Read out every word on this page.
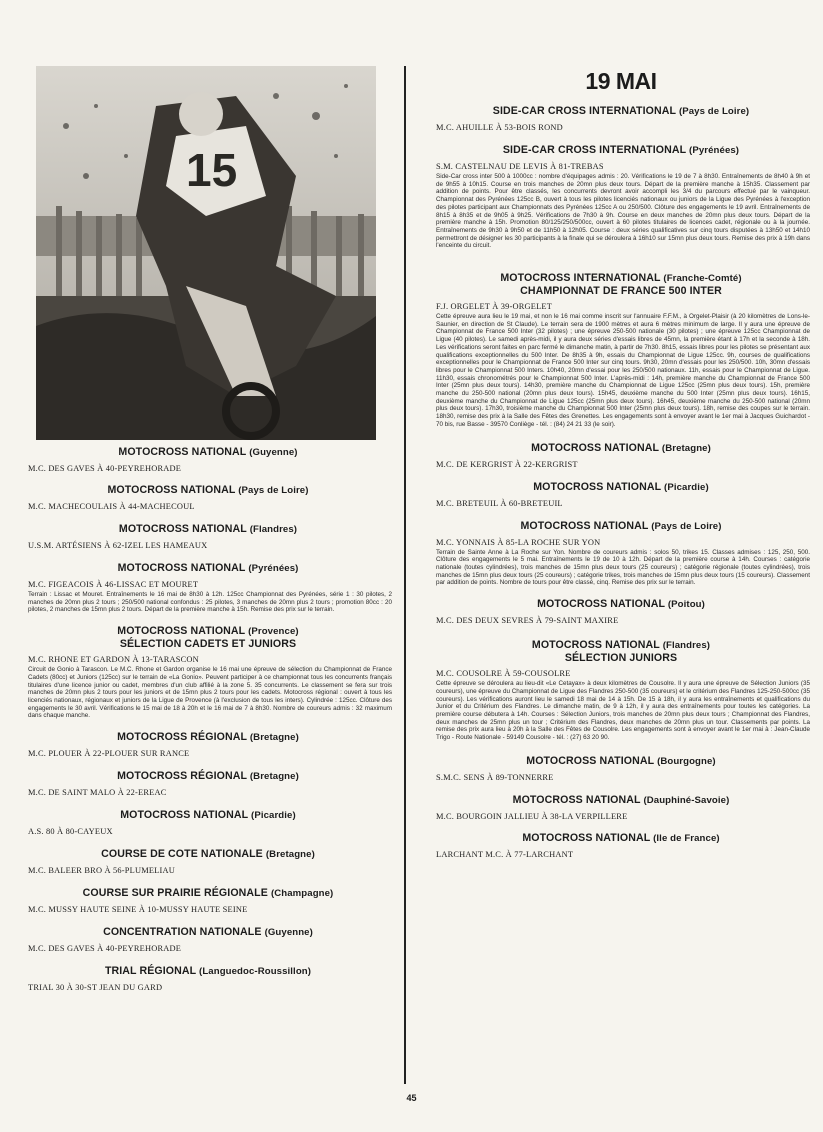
15

MOTOCROSS NATIONAL (Guyenne)

M.C. DES GAVES À 40-PEYREHORADE

MOTOCROSS NATIONAL (Pays de Loire)

M.C. MACHECOULAIS À 44-MACHECOUL

MOTOCROSS NATIONAL (Flandres)

U.S.M. ARTÉSIENS À 62-IZEL LES HAMEAUX

MOTOCROSS NATIONAL (Pyrénées)

M.C. FIGEACOIS À 46-LISSAC ET MOURET

Terrain : Lissac et Mouret. Entraînements le 16 mai de 8h30 à 12h. 125cc Championnat des Pyrénées, série 1 : 30 pilotes, 2 manches de 20mn plus 2 tours ; 250/500 national confondus : 25 pilotes, 3 manches de 20mn plus 2 tours ; promotion 80cc : 20 pilotes, 2 manches de 15mn plus 2 tours. Départ de la première manche à 15h. Remise des prix sur le terrain.

MOTOCROSS NATIONAL (Provence)

SÉLECTION CADETS ET JUNIORS

M.C. RHONE ET GARDON À 13-TARASCON

Circuit de Gonio à Tarascon. Le M.C. Rhone et Gardon organise le 16 mai une épreuve de sélection du Championnat de France Cadets (80cc) et Juniors (125cc) sur le terrain de «La Gonio». Peuvent participer à ce championnat tous les concurrents français titulaires d'une licence junior ou cadet, membres d'un club affilié à la zone 5. 35 concurrents. Le classement se fera sur trois manches de 20mn plus 2 tours pour les juniors et de 15mn plus 2 tours pour les cadets. Motocross régional : ouvert à tous les licenciés nationaux, régionaux et juniors de la Ligue de Provence (à l'exclusion de tous les inters). Cylindrée : 125cc. Clôture des engagements le 30 avril. Vérifications le 15 mai de 18 à 20h et le 16 mai de 7 à 8h30. Nombre de coureurs admis : 32 maximum dans chaque manche.

MOTOCROSS RÉGIONAL (Bretagne)

M.C. PLOUER À 22-PLOUER SUR RANCE

MOTOCROSS RÉGIONAL (Bretagne)

M.C. DE SAINT MALO À 22-EREAC

MOTOCROSS NATIONAL (Picardie)

A.S. 80 À 80-CAYEUX

COURSE DE COTE NATIONALE (Bretagne)

M.C. BALEER BRO À 56-PLUMELIAU

COURSE SUR PRAIRIE RÉGIONALE (Champagne)

M.C. MUSSY HAUTE SEINE À 10-MUSSY HAUTE SEINE

CONCENTRATION NATIONALE (Guyenne)

M.C. DES GAVES À 40-PEYREHORADE

TRIAL RÉGIONAL (Languedoc-Roussillon)

TRIAL 30 À 30-ST JEAN DU GARD

19 MAI

SIDE-CAR CROSS INTERNATIONAL (Pays de Loire)

M.C. AHUILLE À 53-BOIS ROND

SIDE-CAR CROSS INTERNATIONAL (Pyrénées)

S.M. CASTELNAU DE LEVIS À 81-TREBAS

Side-Car cross inter 500 à 1000cc : nombre d'équipages admis : 20. Vérifications le 19 de 7 à 8h30. Entraînements de 8h40 à 9h et de 9h55 à 10h15. Course en trois manches de 20mn plus deux tours. Départ de la première manche à 15h35. Classement par addition de points. Pour être classés, les concurrents devront avoir accompli les 3/4 du parcours effectué par le vainqueur. Championnat des Pyrénées 125cc B, ouvert à tous les pilotes licenciés nationaux ou juniors de la Ligue des Pyrénées à l'exception des pilotes participant aux Championnats des Pyrénées 125cc A ou 250/500. Clôture des engagements le 19 avril. Entraînements de 8h15 à 8h35 et de 9h05 à 9h25. Vérifications de 7h30 à 9h. Course en deux manches de 20mn plus deux tours. Départ de la première manche à 15h. Promotion 80/125/250/500cc, ouvert à 60 pilotes titulaires de licences cadet, régionale ou à la journée. Entraînements de 9h30 à 9h50 et de 11h50 à 12h05. Course : deux séries qualificatives sur cinq tours disputées à 13h50 et 14h10 permettront de désigner les 30 participants à la finale qui se déroulera à 16h10 sur 15mn plus deux tours. Remise des prix à 19h dans l'enceinte du circuit.

MOTOCROSS INTERNATIONAL (Franche-Comté)

CHAMPIONNAT DE FRANCE 500 INTER

F.J. ORGELET À 39-ORGELET

Cette épreuve aura lieu le 19 mai, et non le 16 mai comme inscrit sur l'annuaire F.F.M., à Orgelet-Plaisir (à 20 kilomètres de Lons-le-Saunier, en direction de St Claude). Le terrain sera de 1900 mètres et aura 6 mètres minimum de large. Il y aura une épreuve de Championnat de France 500 Inter (32 pilotes) ; une épreuve 250-500 nationale (30 pilotes) ; une épreuve 125cc Championnat de Ligue (40 pilotes). Le samedi après-midi, il y aura deux séries d'essais libres de 45mn, la première étant à 17h et la seconde à 18h. Les vérifications seront faites en parc fermé le dimanche matin, à partir de 7h30. 8h15, essais libres pour les pilotes se présentant aux qualifications exceptionnelles du 500 Inter. De 8h35 à 9h, essais du Championnat de Ligue 125cc. 9h, courses de qualifications exceptionnelles pour le Championnat de France 500 Inter sur cinq tours. 9h30, 20mn d'essais pour les 250/500. 10h, 30mn d'essais libres pour le Championnat 500 Inters. 10h40, 20mn d'essai pour les 250/500 nationaux. 11h, essais pour le Championnat de Ligue. 11h30, essais chronométrés pour le Championnat 500 Inter. L'après-midi : 14h, première manche du Championnat de France 500 Inter (25mn plus deux tours). 14h30, première manche du Championnat de Ligue 125cc (25mn plus deux tours). 15h, première manche du 250-500 national (20mn plus deux tours). 15h45, deuxième manche du 500 Inter (25mn plus deux tours). 16h15, deuxième manche du Championnat de Ligue 125cc (25mn plus deux tours). 16h45, deuxième manche du 250-500 national (20mn plus deux tours). 17h30, troisième manche du Championnat 500 Inter (25mn plus deux tours). 18h, remise des coupes sur le terrain. 18h30, remise des prix à la Salle des Fêtes des Grenettes. Les engagements sont à envoyer avant le 1er mai à Jacques Guichardot - 70 bis, rue Basse - 39570 Conliège - tél. : (84) 24 21 33 (le soir).

MOTOCROSS NATIONAL (Bretagne)

M.C. DE KERGRIST À 22-KERGRIST

MOTOCROSS NATIONAL (Picardie)

M.C. BRETEUIL À 60-BRETEUIL

MOTOCROSS NATIONAL (Pays de Loire)

M.C. YONNAIS À 85-LA ROCHE SUR YON

Terrain de Sainte Anne à La Roche sur Yon. Nombre de coureurs admis : solos 50, trikes 15. Classes admises : 125, 250, 500. Clôture des engagements le 5 mai. Entraînements le 19 de 10 à 12h. Départ de la première course à 14h. Courses : catégorie nationale (toutes cylindrées), trois manches de 15mn plus deux tours (25 coureurs) ; catégorie régionale (toutes cylindrées), trois manches de 15mn plus deux tours (25 coureurs) ; catégorie trikes, trois manches de 15mn plus deux tours (15 coureurs). Classement par addition de points. Nombre de tours pour être classé, cinq. Remise des prix sur le terrain.

MOTOCROSS NATIONAL (Poitou)

M.C. DES DEUX SEVRES À 79-SAINT MAXIRE

MOTOCROSS NATIONAL (Flandres)

SÉLECTION JUNIORS

M.C. COUSOLRE À 59-COUSOLRE

Cette épreuve se déroulera au lieu-dit «Le Cetayax» à deux kilomètres de Cousolre. Il y aura une épreuve de Sélection Juniors (35 coureurs), une épreuve du Championnat de Ligue des Flandres 250-500 (35 coureurs) et le critérium des Flandres 125-250-500cc (35 coureurs). Les vérifications auront lieu le samedi 18 mai de 14 à 15h. De 15 à 18h, il y aura les entraînements et qualifications du Junior et du Critérium des Flandres. Le dimanche matin, de 9 à 12h, il y aura des entraînements pour toutes les catégories. La première course débutera à 14h. Courses : Sélection Juniors, trois manches de 20mn plus deux tours ; Championnat des Flandres, deux manches de 25mn plus un tour ; Critérium des Flandres, deux manches de 20mn plus un tour. Classements par points. La remise des prix aura lieu à 20h à la Salle des Fêtes de Cousolre. Les engagements sont à envoyer avant le 1er mai à : Jean-Claude Trigo - Route Nationale - 59149 Cousolre - tél. : (27) 63 20 90.

MOTOCROSS NATIONAL (Bourgogne)

S.M.C. SENS À 89-TONNERRE

MOTOCROSS NATIONAL (Dauphiné-Savoie)

M.C. BOURGOIN JALLIEU À 38-LA VERPILLERE

MOTOCROSS NATIONAL (Ile de France)

LARCHANT M.C. À 77-LARCHANT

45
